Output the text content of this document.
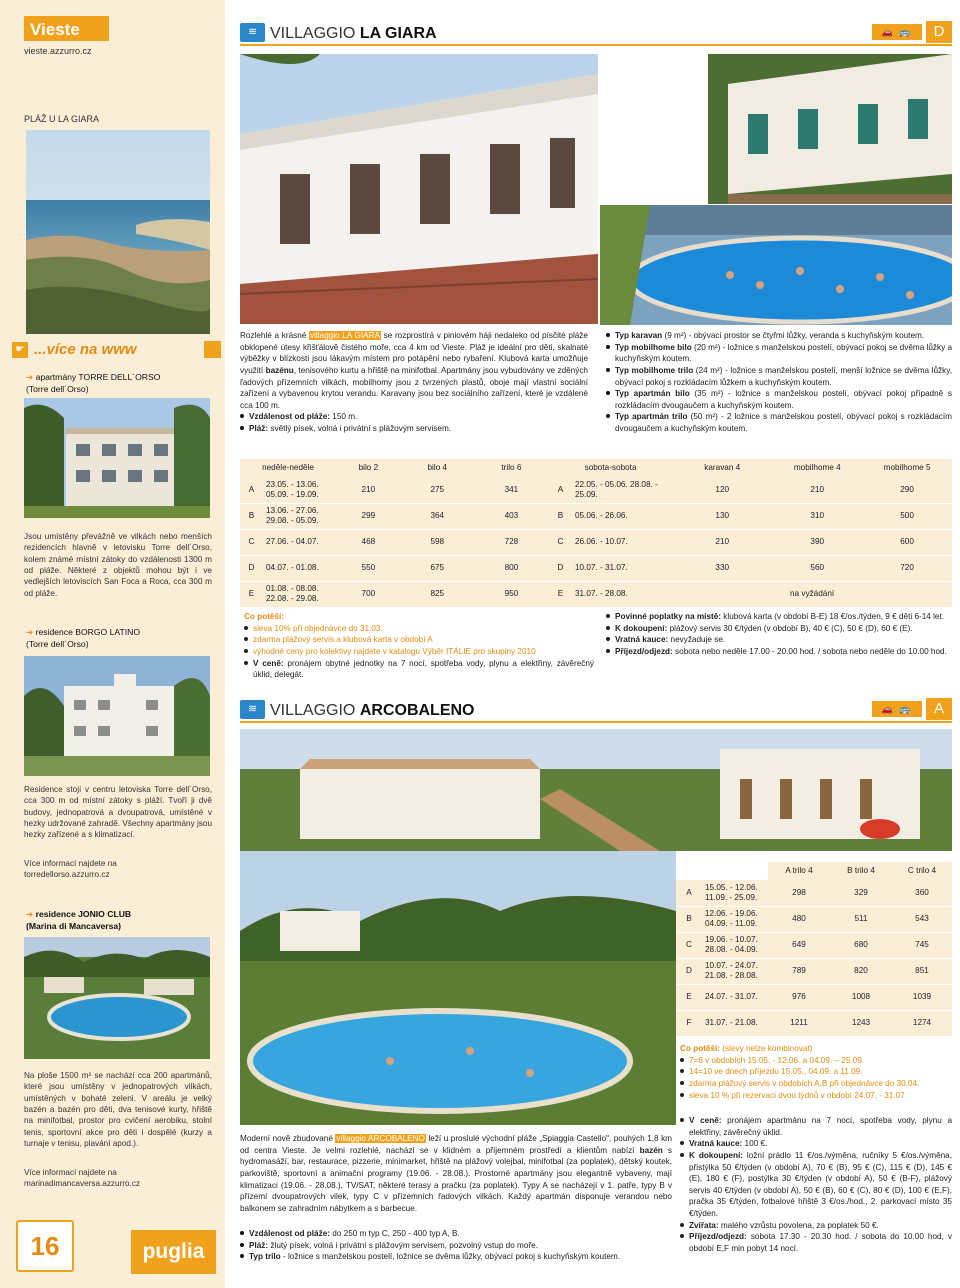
Vieste
vieste.azzurro.cz
PLÁŽ U LA GIARA
☛ ...více na www
➔ apartmány TORRE DELL´ORSO
(Torre dell´Orso)
Jsou umístěny převážně ve vilkách nebo menších rezidencích hlavně v letovisku Torre dell´Orso, kolem známé místní zátoky do vzdálenosti 1300 m od pláže. Některé z objektů mohou být i ve vedlejších letoviscích San Foca a Roca, cca 300 m od pláže.
➔ residence BORGO LATINO
(Torre dell´Orso)
Residence stojí v centru letoviska Torre dell´Orso, cca 300 m od místní zátoky s pláží. Tvoří ji dvě budovy, jednopatrová a dvoupatrová, umístěné v hezky udržované zahradě. Všechny apartmány jsou hezky zařízené a s klimatizací.
Více informací najdete na
torredellorso.azzurro.cz
➔ residence JONIO CLUB
(Marina di Mancaversa)
Na ploše 1500 m² se nachází cca 200 apartmánů, které jsou umístěny v jednopatrových vilkách, umístěných v bohaté zeleni. V areálu je velký bazén a bazén pro děti, dva tenisové kurty, hřiště na minifotbal, prostor pro cvičení aerobiku, stolní tenis, sportovní akce pro děti i dospělé (kurzy a turnaje v tenisu, plavání apod.).
Více informací najdete na
marinadimancaversa.azzurro.cz
16	puglia
≋ VILLAGGIO LA GIARA	🚗 🚌	D
Rozlehlé a krásné villaggio LA GIARA se rozprostírá v piniovém háji nedaleko od písčité pláže obklopené útesy křišťálově čistého moře, cca 4 km od Vieste. Pláž je ideální pro děti, skalnaté výběžky v blízkosti jsou lákavým místem pro potápění nebo rybaření. Klubová karta umožňuje využití bazénu, tenisového kurtu a hřiště na minifotbal. Apartmány jsou vybudovány ve zděných řadových přízemních vilkách, mobilhomy jsou z tvrzených plastů, oboje mají vlastní sociální zařízení a vybavenou krytou verandu. Karavany jsou bez sociálního zařízení, které je vzdálené cca 100 m.
Vzdálenost od pláže: 150 m.
Pláž: světlý písek, volná i privátní s plážovým servisem.
Typ karavan (9 m²) - obývací prostor se čtyřmi lůžky, veranda s kuchyňským koutem.
Typ mobilhome bilo (20 m²) - ložnice s manželskou postelí, obývací pokoj se dvěma lůžky a kuchyňským koutem.
Typ mobilhome trilo (24 m²) - ložnice s manželskou postelí, menší ložnice se dvěma lůžky, obývací pokoj s rozkládacím lůžkem a kuchyňským koutem.
Typ apartmán bilo (35 m²) - ložnice s manželskou postelí, obývací pokoj případně s rozkládacím dvougaučem a kuchyňským koutem.
Typ apartmán trilo (50 m²) - 2 ložnice s manželskou postelí, obývací pokoj s rozkládacím dvougaučem a kuchyňským koutem.
neděle-neděle		bilo 2	bilo 4	trilo 6	sobota-sobota		karavan 4	mobilhome 4	mobilhome 5
A	23.05. - 13.06. 05.09. - 19.09.	210	275	341	A	22.05. - 05.06. 28.08. - 25.09.	120	210	290
B	13.06. - 27.06. 29.08. - 05.09.	299	364	403	B	05.06. - 26.06.	130	310	500
C	27.06. - 04.07.	468	598	728	C	26.06. - 10.07.	210	390	600
D	04.07. - 01.08.	550	675	800	D	10.07. - 31.07.	330	560	720
E	01.08. - 08.08. 22.08. - 29.08.	700	825	950	E	31.07. - 28.08.	na vyžádání		
Co potěší:
sleva 10% při objednávce do 31.03.
zdarma plážový servis a klubová karta v období A
výhodné ceny pro kolektivy najdete v katalogu Výběr ITÁLIE pro skupiny 2010
V ceně: pronájem obytné jednotky na 7 nocí, spotřeba vody, plynu a elektřiny, závěrečný úklid, delegát.
Povinné poplatky na místě: klubová karta (v období B-E) 18 €/os./týden, 9 € děti 6-14 let.
K dokoupení: plážový servis 30 €/týden (v období B), 40 € (C), 50 € (D), 60 € (E).
Vratná kauce: nevyžaduje se.
Příjezd/odjezd: sobota nebo neděle 17.00 - 20.00 hod. / sobota nebo neděle do 10.00 hod.
≋ VILLAGGIO ARCOBALENO	🚗 🚌	A
		A trilo 4	B trilo 4	C trilo 4
A	15.05. - 12.06. 11.09. - 25.09.	298	329	360
B	12.06. - 19.06. 04.09. - 11.09.	480	511	543
C	19.06. - 10.07. 28.08. - 04.09.	649	680	745
D	10.07. - 24.07. 21.08. - 28.08.	789	820	851
E	24.07. - 31.07.	976	1008	1039
F	31.07. - 21.08.	1211	1243	1274
Co potěší: (slevy nelze kombinovat)
7=6 v obdobích 15.05. - 12.06. a 04.09. – 25.09.
14=10 ve dnech příjezdu 15.05., 04.09. a 11.09.
zdarma plážový servis v obdobích A,B při objednávce do 30.04.
sleva 10 % při rezervaci dvou týdnů v období 24.07. - 31.07.
V ceně: pronájem apartmánu na 7 nocí, spotřeba vody, plynu a elektřiny, závěrečný úklid.
Vratná kauce: 100 €.
K dokoupení: ložní prádlo 11 €/os./výměna, ručníky 5 €/os./výměna, přistýlka 50 €/týden (v období A), 70 € (B), 95 € (C), 115 € (D), 145 € (E), 180 € (F), postýlka 30 €/týden (v období A), 50 € (B-F), plážový servis 40 €/týden (v období A), 50 € (B), 60 € (C), 80 € (D), 100 € (E,F), pračka 35 €/týden, fotbalové hřiště 3 €/os./hod., 2. parkovací místo 35 €/týden.
Zvířata: malého vzrůstu povolena, za poplatek 50 €.
Příjezd/odjezd: sobota 17.30 - 20.30 hod. / sobota do 10.00 hod, v období E,F min pobyt 14 nocí.
Moderní nově zbudované villaggio ARCOBALENO leží u proslulé východní pláže „Spiaggia Castello", pouhých 1,8 km od centra Vieste. Je velmi rozlehlé, nachází se v klidném a příjemném prostředí a klientům nabízí bazén s hydromasáží, bar, restaurace, pizzerie, minimarket, hřiště na plážový volejbal, minifotbal (za poplatek), dětský koutek, parkoviště, sportovní a animační programy (19.06. - 28.08.). Prostorné apartmány jsou elegantně vybaveny, mají klimatizaci (19.06. - 28.08.), TV/SAT, některé terasy a pračku (za poplatek). Typy A se nacházejí v 1. patře, typy B v přízemí dvoupatrových vilek, typy C v přízemních řadových vilkách. Každý apartmán disponuje verandou nebo balkonem se zahradním nábytkem a s barbecue.
Vzdálenost od pláže: do 250 m typ C, 250 - 400 typ A, B.
Pláž: žlutý písek, volná i privátní s plážovým servisem, pozvolný vstup do moře.
Typ trilo - ložnice s manželskou postelí, ložnice se dvěma lůžky, obývací pokoj s kuchyňským koutem.
